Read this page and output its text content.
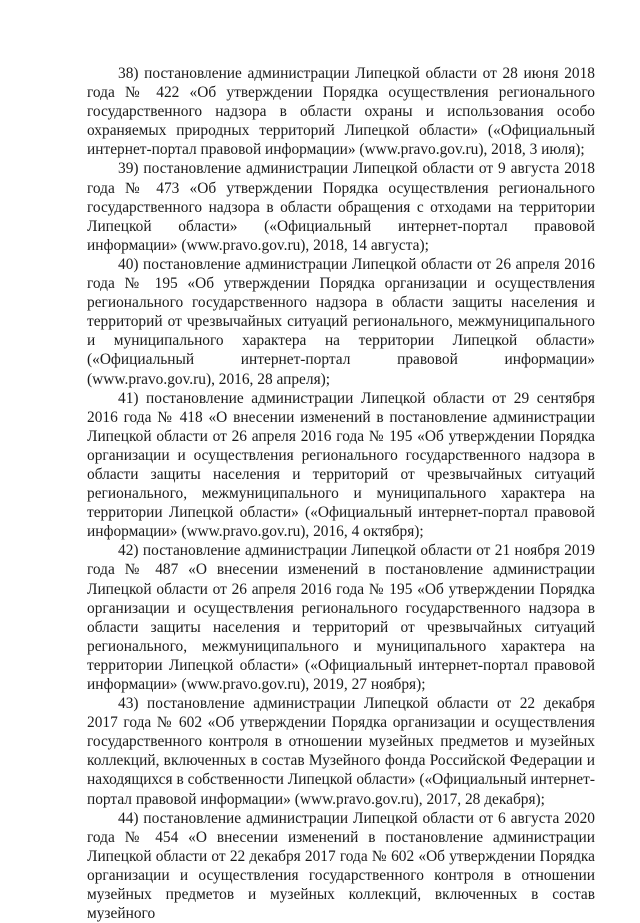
38) постановление администрации Липецкой области от 28 июня 2018 года № 422 «Об утверждении Порядка осуществления регионального государственного надзора в области охраны и использования особо охраняемых природных территорий Липецкой области» («Официальный интернет-портал правовой информации» (www.pravo.gov.ru), 2018, 3 июля);

39) постановление администрации Липецкой области от 9 августа 2018 года № 473 «Об утверждении Порядка осуществления регионального государственного надзора в области обращения с отходами на территории Липецкой области» («Официальный интернет-портал правовой информации» (www.pravo.gov.ru), 2018, 14 августа);

40) постановление администрации Липецкой области от 26 апреля 2016 года № 195 «Об утверждении Порядка организации и осуществления регионального государственного надзора в области защиты населения и территорий от чрезвычайных ситуаций регионального, межмуниципального и муниципального характера на территории Липецкой области» («Официальный интернет-портал правовой информации» (www.pravo.gov.ru), 2016, 28 апреля);

41) постановление администрации Липецкой области от 29 сентября 2016 года № 418 «О внесении изменений в постановление администрации Липецкой области от 26 апреля 2016 года № 195 «Об утверждении Порядка организации и осуществления регионального государственного надзора в области защиты населения и территорий от чрезвычайных ситуаций регионального, межмуниципального и муниципального характера на территории Липецкой области» («Официальный интернет-портал правовой информации» (www.pravo.gov.ru), 2016, 4 октября);

42) постановление администрации Липецкой области от 21 ноября 2019 года № 487 «О внесении изменений в постановление администрации Липецкой области от 26 апреля 2016 года № 195 «Об утверждении Порядка организации и осуществления регионального государственного надзора в области защиты населения и территорий от чрезвычайных ситуаций регионального, межмуниципального и муниципального характера на территории Липецкой области» («Официальный интернет-портал правовой информации» (www.pravo.gov.ru), 2019, 27 ноября);

43) постановление администрации Липецкой области от 22 декабря 2017 года № 602 «Об утверждении Порядка организации и осуществления государственного контроля в отношении музейных предметов и музейных коллекций, включенных в состав Музейного фонда Российской Федерации и находящихся в собственности Липецкой области» («Официальный интернет-портал правовой информации» (www.pravo.gov.ru), 2017, 28 декабря);

44) постановление администрации Липецкой области от 6 августа 2020 года № 454 «О внесении изменений в постановление администрации Липецкой области от 22 декабря 2017 года № 602 «Об утверждении Порядка организации и осуществления государственного контроля в отношении музейных предметов и музейных коллекций, включенных в состав музейного
